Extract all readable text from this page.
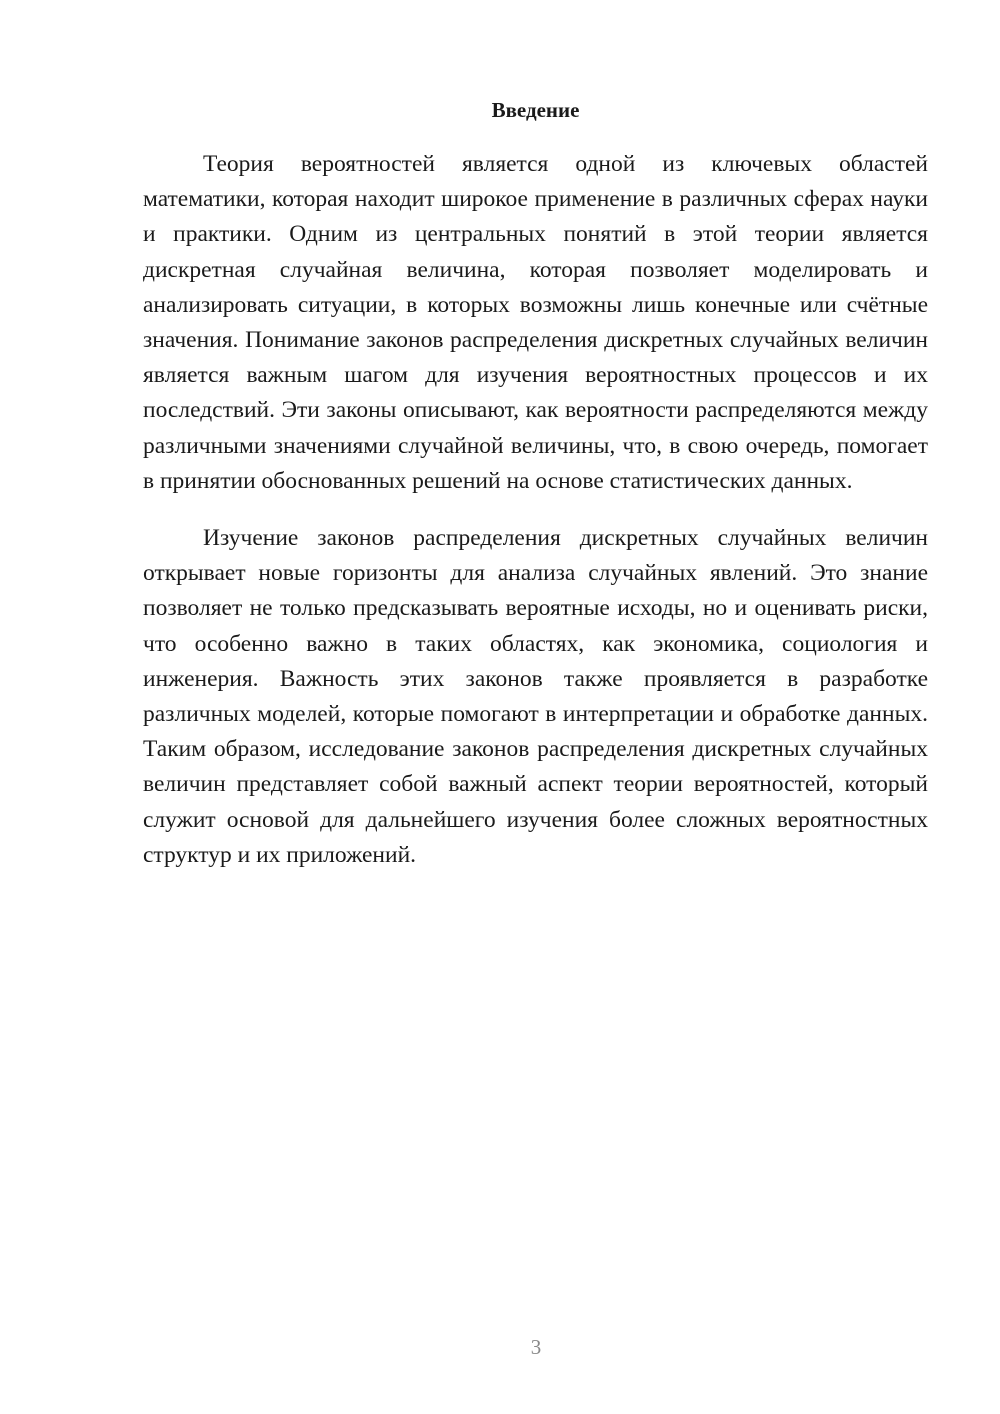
Введение

Теория вероятностей является одной из ключевых областей математики, которая находит широкое применение в различных сферах науки и практики. Одним из центральных понятий в этой теории является дискретная случайная величина, которая позволяет моделировать и анализировать ситуации, в которых возможны лишь конечные или счётные значения. Понимание законов распределения дискретных случайных величин является важным шагом для изучения вероятностных процессов и их последствий. Эти законы описывают, как вероятности распределяются между различными значениями случайной величины, что, в свою очередь, помогает в принятии обоснованных решений на основе статистических данных.

Изучение законов распределения дискретных случайных величин открывает новые горизонты для анализа случайных явлений. Это знание позволяет не только предсказывать вероятные исходы, но и оценивать риски, что особенно важно в таких областях, как экономика, социология и инженерия. Важность этих законов также проявляется в разработке различных моделей, которые помогают в интерпретации и обработке данных. Таким образом, исследование законов распределения дискретных случайных величин представляет собой важный аспект теории вероятностей, который служит основой для дальнейшего изучения более сложных вероятностных структур и их приложений.

3
